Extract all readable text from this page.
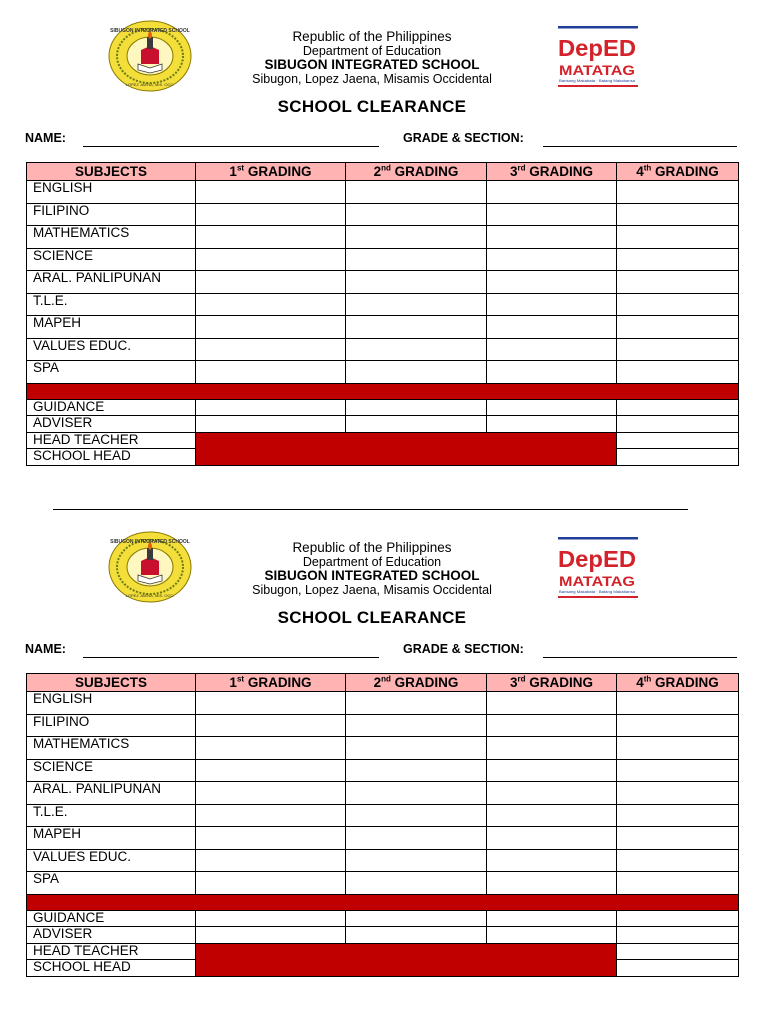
SIBUGON INTEGRATED SCHOOL
LOPEZ JAENA, MIS. OCC.
Republic of the Philippines
Department of Education
SIBUGON INTEGRATED SCHOOL
Sibugon, Lopez Jaena, Misamis Occidental
DepED
MATATAG
Bansang Makabata · Batang Makabansa
SCHOOL CLEARANCE
NAME:	GRADE & SECTION:
SUBJECTS	1st GRADING	2nd GRADING	3rd GRADING	4th GRADING
ENGLISH				
FILIPINO				
MATHEMATICS				
SCIENCE				
ARAL. PANLIPUNAN				
T.L.E.				
MAPEH				
VALUES EDUC.				
SPA				

GUIDANCE				
ADVISER				
HEAD TEACHER				
SCHOOL HEAD				
SIBUGON INTEGRATED SCHOOL
LOPEZ JAENA, MIS. OCC.
Republic of the Philippines
Department of Education
SIBUGON INTEGRATED SCHOOL
Sibugon, Lopez Jaena, Misamis Occidental
DepED
MATATAG
Bansang Makabata · Batang Makabansa
SCHOOL CLEARANCE
NAME:	GRADE & SECTION:
SUBJECTS	1st GRADING	2nd GRADING	3rd GRADING	4th GRADING
ENGLISH				
FILIPINO				
MATHEMATICS				
SCIENCE				
ARAL. PANLIPUNAN				
T.L.E.				
MAPEH				
VALUES EDUC.				
SPA				

GUIDANCE				
ADVISER				
HEAD TEACHER				
SCHOOL HEAD				
